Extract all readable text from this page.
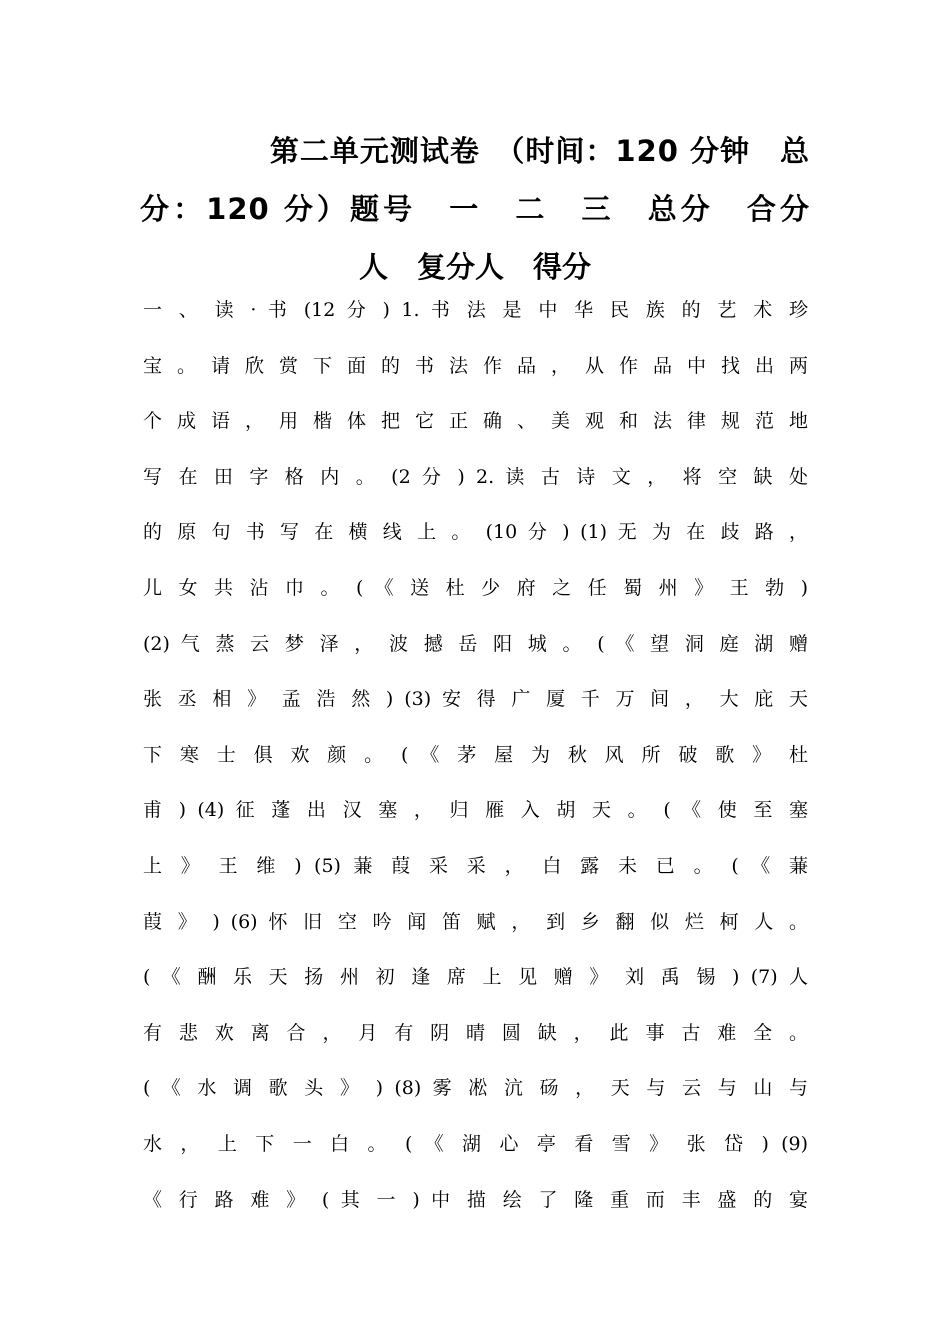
第二单元测试卷　（时间：120 分钟　总
分：120 分）题号　一　二　三　总分　合分
人　复分人　得分
一 、 读 · 书 (12 分 ) 1. 书 法 是 中 华 民 族 的 艺 术 珍
宝 。 请 欣 赏 下 面 的 书 法 作 品 ， 从 作 品 中 找 出 两
个 成 语 ， 用 楷 体 把 它 正 确 、 美 观 和 法 律 规 范 地
写 在 田 字 格 内 。 (2 分 ) 2. 读 古 诗 文 ， 将 空 缺 处
的 原 句 书 写 在 横 线 上 。 (10 分 ) (1) 无 为 在 歧 路 ，
儿 女 共 沾 巾 。 ( 《 送 杜 少 府 之 任 蜀 州 》 王 勃 )
(2) 气 蒸 云 梦 泽 ， 波 撼 岳 阳 城 。 ( 《 望 洞 庭 湖 赠
张 丞 相 》 孟 浩 然 ) (3) 安 得 广 厦 千 万 间 ， 大 庇 天
下 寒 士 俱 欢 颜 。 ( 《 茅 屋 为 秋 风 所 破 歌 》 杜
甫 ) (4) 征 蓬 出 汉 塞 ， 归 雁 入 胡 天 。 ( 《 使 至 塞
上 》 王 维 ) (5) 蒹 葭 采 采 ， 白 露 未 已 。 ( 《 蒹
葭 》 ) (6) 怀 旧 空 吟 闻 笛 赋 ， 到 乡 翻 似 烂 柯 人 。
( 《 酬 乐 天 扬 州 初 逢 席 上 见 赠 》 刘 禹 锡 ) (7) 人
有 悲 欢 离 合 ， 月 有 阴 晴 圆 缺 ， 此 事 古 难 全 。
( 《 水 调 歌 头 》 ) (8) 雾 凇 沆 砀 ， 天 与 云 与 山 与
水 ， 上 下 一 白 。 ( 《 湖 心 亭 看 雪 》 张 岱 ) (9)
《 行 路 难 》 ( 其 一 ) 中 描 绘 了 隆 重 而 丰 盛 的 宴
